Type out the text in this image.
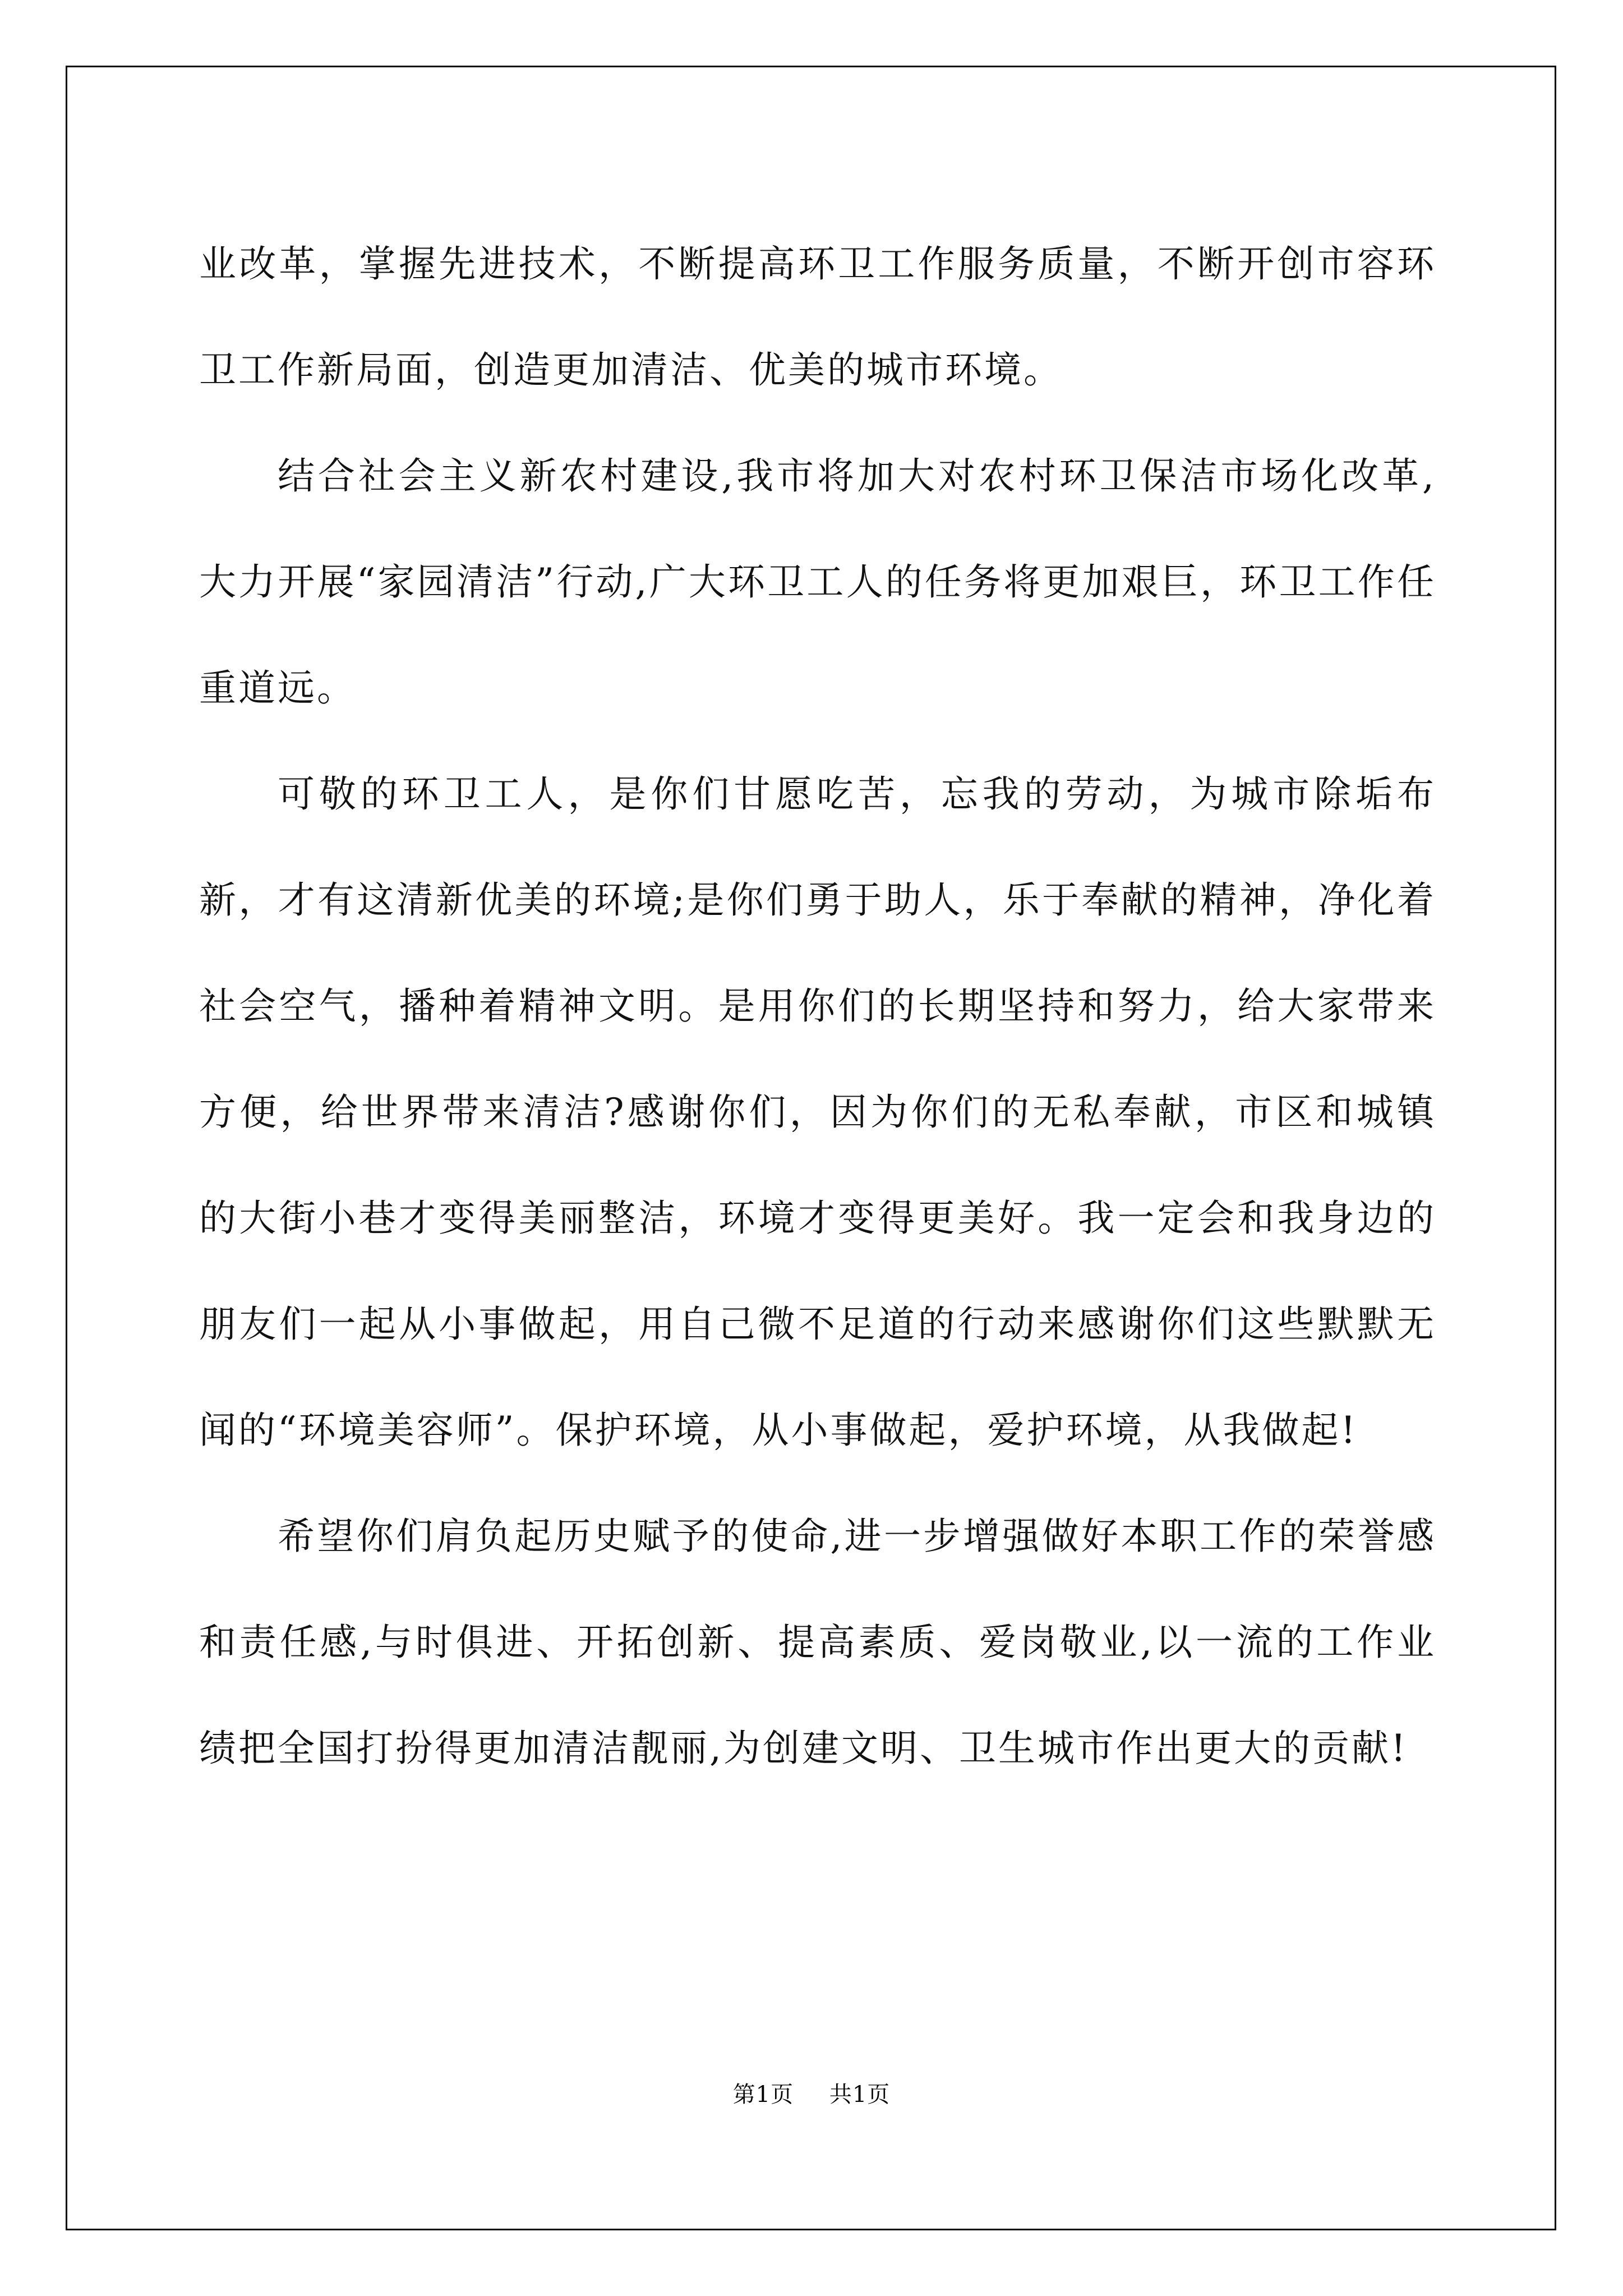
业改革，掌握先进技术，不断提高环卫工作服务质量，不断开创市容环卫工作新局面，创造更加清洁、优美的城市环境。

结合社会主义新农村建设,我市将加大对农村环卫保洁市场化改革,大力开展“家园清洁”行动,广大环卫工人的任务将更加艰巨，环卫工作任重道远。

可敬的环卫工人，是你们甘愿吃苦，忘我的劳动，为城市除垢布新，才有这清新优美的环境;是你们勇于助人，乐于奉献的精神，净化着社会空气，播种着精神文明。是用你们的长期坚持和努力，给大家带来方便，给世界带来清洁?感谢你们，因为你们的无私奉献，市区和城镇的大街小巷才变得美丽整洁，环境才变得更美好。我一定会和我身边的朋友们一起从小事做起，用自己微不足道的行动来感谢你们这些默默无闻的“环境美容师”。保护环境，从小事做起，爱护环境，从我做起!

希望你们肩负起历史赋予的使命,进一步增强做好本职工作的荣誉感和责任感,与时俱进、开拓创新、提高素质、爱岗敬业,以一流的工作业绩把全国打扮得更加清洁靓丽,为创建文明、卫生城市作出更大的贡献!

第1页 共1页
